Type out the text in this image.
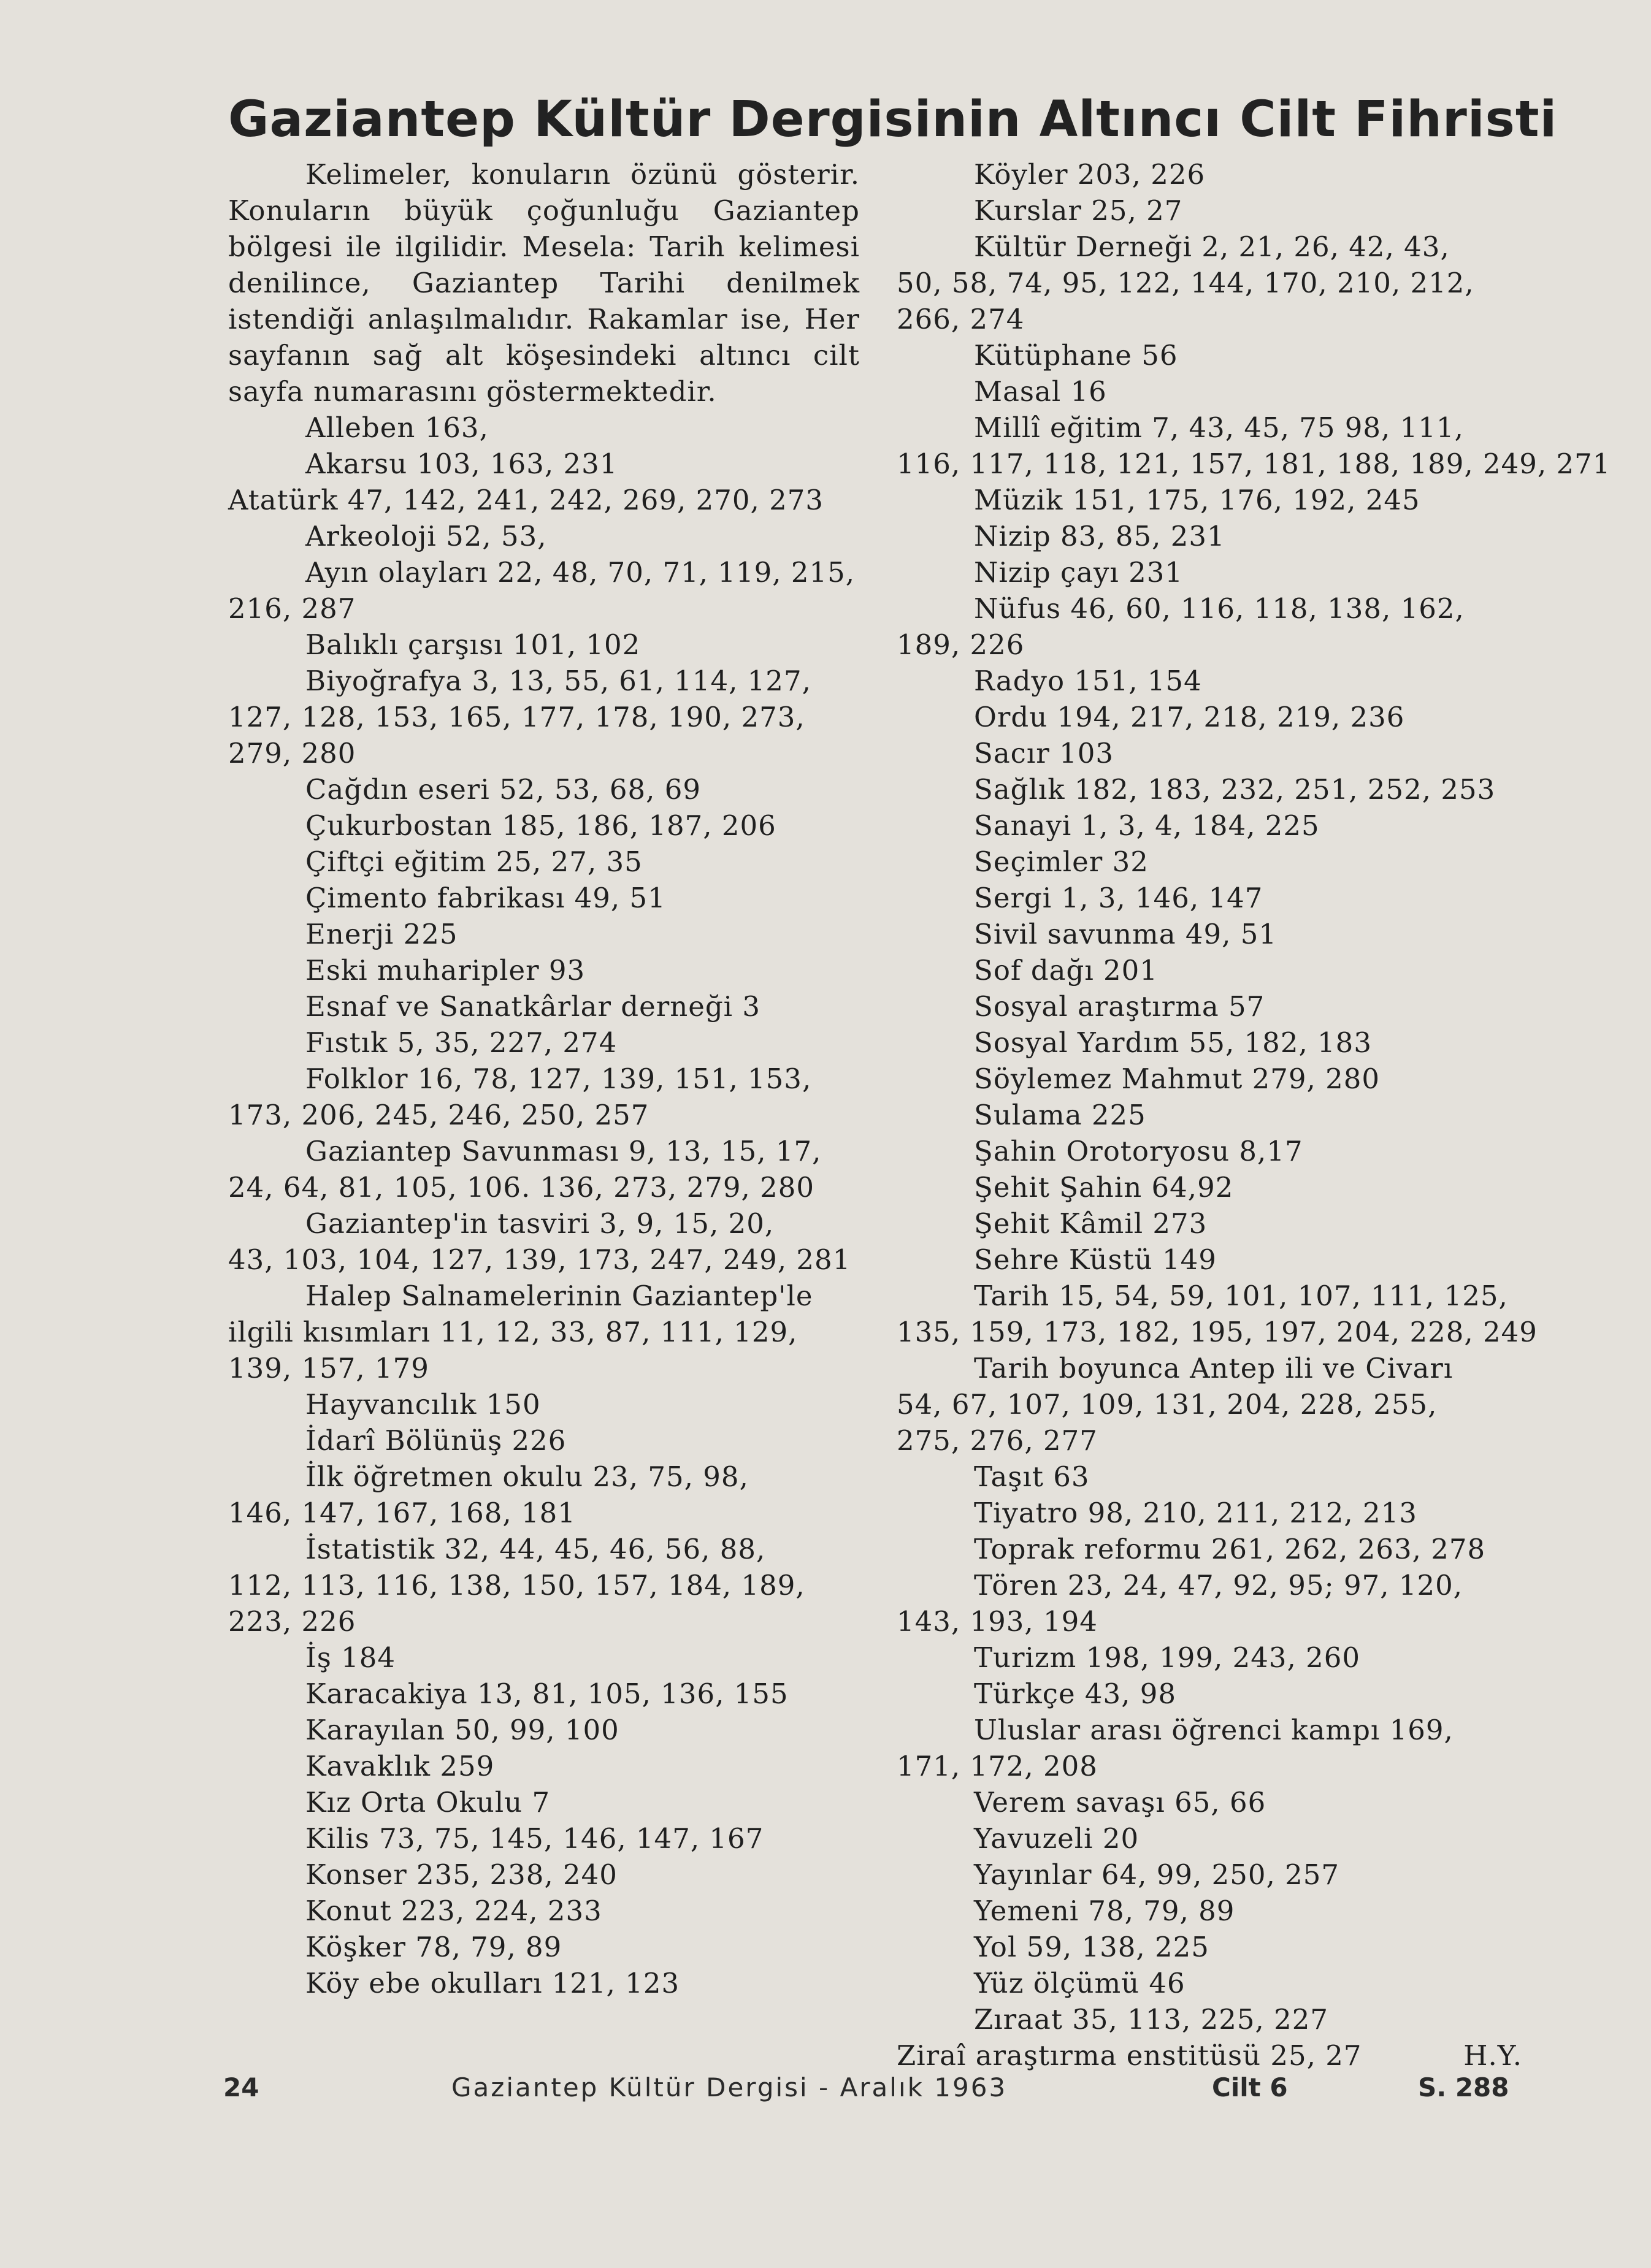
Gaziantep Kültür Dergisinin Altıncı Cilt Fihristi

Kelimeler, konuların özünü gösterir. Konuların büyük çoğunluğu Gaziantep bölgesi ile ilgilidir. Mesela: Tarih kelimesi denilince, Gaziantep Tarihi denilmek istendiği anlaşılmalıdır. Rakamlar ise, Her sayfanın sağ alt köşesindeki altıncı cilt sayfa numarasını göstermektedir.

Alleben 163,
Akarsu 103, 163, 231
Atatürk 47, 142, 241, 242, 269, 270, 273
Arkeoloji 52, 53,
Ayın olayları 22, 48, 70, 71, 119, 215,
216, 287
Balıklı çarşısı 101, 102
Biyoğrafya 3, 13, 55, 61, 114, 127,
127, 128, 153, 165, 177, 178, 190, 273,
279, 280
Cağdın eseri 52, 53, 68, 69
Çukurbostan 185, 186, 187, 206
Çiftçi eğitim 25, 27, 35
Çimento fabrikası 49, 51
Enerji 225
Eski muharipler 93
Esnaf ve Sanatkârlar derneği 3
Fıstık 5, 35, 227, 274
Folklor 16, 78, 127, 139, 151, 153,
173, 206, 245, 246, 250, 257
Gaziantep Savunması 9, 13, 15, 17,
24, 64, 81, 105, 106. 136, 273, 279, 280
Gaziantep'in tasviri 3, 9, 15, 20,
43, 103, 104, 127, 139, 173, 247, 249, 281
Halep Salnamelerinin Gaziantep'le
ilgili kısımları 11, 12, 33, 87, 111, 129,
139, 157, 179
Hayvancılık 150
İdarî Bölünüş 226
İlk öğretmen okulu 23, 75, 98,
146, 147, 167, 168, 181
İstatistik 32, 44, 45, 46, 56, 88,
112, 113, 116, 138, 150, 157, 184, 189,
223, 226
İş 184
Karacakiya 13, 81, 105, 136, 155
Karayılan 50, 99, 100
Kavaklık 259
Kız Orta Okulu 7
Kilis 73, 75, 145, 146, 147, 167
Konser 235, 238, 240
Konut 223, 224, 233
Köşker 78, 79, 89
Köy ebe okulları 121, 123
Köyler 203, 226
Kurslar 25, 27
Kültür Derneği 2, 21, 26, 42, 43,
50, 58, 74, 95, 122, 144, 170, 210, 212,
266, 274
Kütüphane 56
Masal 16
Millî eğitim 7, 43, 45, 75 98, 111,
116, 117, 118, 121, 157, 181, 188, 189, 249, 271
Müzik 151, 175, 176, 192, 245
Nizip 83, 85, 231
Nizip çayı 231
Nüfus 46, 60, 116, 118, 138, 162,
189, 226
Radyo 151, 154
Ordu 194, 217, 218, 219, 236
Sacır 103
Sağlık 182, 183, 232, 251, 252, 253
Sanayi 1, 3, 4, 184, 225
Seçimler 32
Sergi 1, 3, 146, 147
Sivil savunma 49, 51
Sof dağı 201
Sosyal araştırma 57
Sosyal Yardım 55, 182, 183
Söylemez Mahmut 279, 280
Sulama 225
Şahin Orotoryosu 8,17
Şehit Şahin 64,92
Şehit Kâmil 273
Sehre Küstü 149
Tarih 15, 54, 59, 101, 107, 111, 125,
135, 159, 173, 182, 195, 197, 204, 228, 249
Tarih boyunca Antep ili ve Civarı
54, 67, 107, 109, 131, 204, 228, 255,
275, 276, 277
Taşıt 63
Tiyatro 98, 210, 211, 212, 213
Toprak reformu 261, 262, 263, 278
Tören 23, 24, 47, 92, 95; 97, 120,
143, 193, 194
Turizm 198, 199, 243, 260
Türkçe 43, 98
Uluslar arası öğrenci kampı 169,
171, 172, 208
Verem savaşı 65, 66
Yavuzeli 20
Yayınlar 64, 99, 250, 257
Yemeni 78, 79, 89
Yol 59, 138, 225
Yüz ölçümü 46
Zıraat 35, 113, 225, 227
Ziraî araştırma enstitüsü 25, 27	H.Y.
24	Gaziantep Kültür Dergisi - Aralık 1963	Cilt 6	S. 288
